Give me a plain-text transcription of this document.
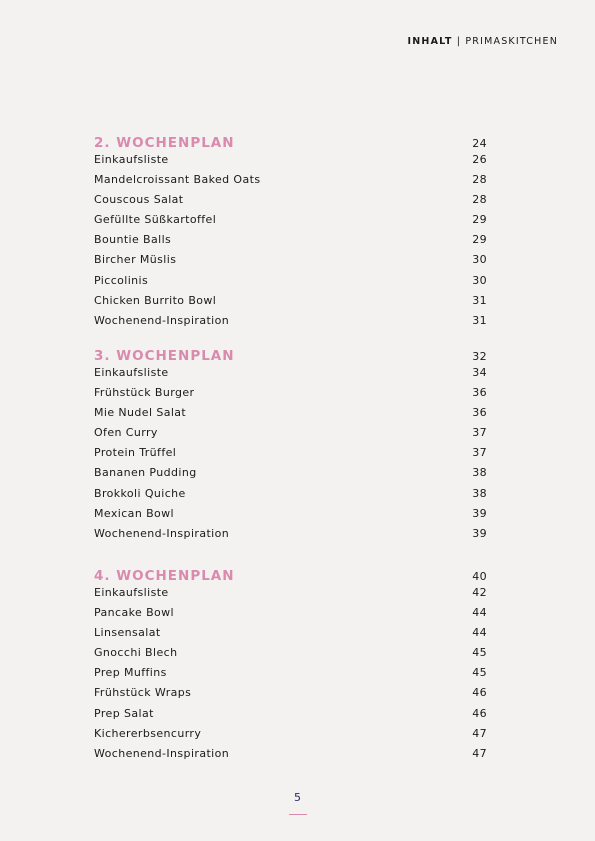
INHALT | PRIMASKITCHEN
2. WOCHENPLAN	24
Einkaufsliste	26
Mandelcroissant Baked Oats	28
Couscous Salat	28
Gefüllte Süßkartoffel	29
Bountie Balls	29
Bircher Müslis	30
Piccolinis	30
Chicken Burrito Bowl	31
Wochenend-Inspiration	31
3. WOCHENPLAN	32
Einkaufsliste	34
Frühstück Burger	36
Mie Nudel Salat	36
Ofen Curry	37
Protein Trüffel	37
Bananen Pudding	38
Brokkoli Quiche	38
Mexican Bowl	39
Wochenend-Inspiration	39
4. WOCHENPLAN	40
Einkaufsliste	42
Pancake Bowl	44
Linsensalat	44
Gnocchi Blech	45
Prep Muffins	45
Frühstück Wraps	46
Prep Salat	46
Kichererbsencurry	47
Wochenend-Inspiration	47
5
